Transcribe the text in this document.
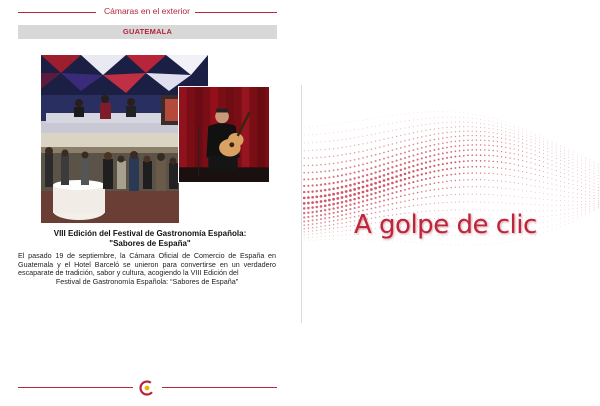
Cámaras en el exterior
GUATEMALA
VIII Edición del Festival de Gastronomía Española:
"Sabores de España"
El pasado 19 de septiembre, la Cámara Oficial de Comercio de España en Guatemala y el Hotel Barceló se unieron para convertirse en un verdadero escaparate de tradición, sabor y cultura, acogiendo la VIII Edición del
Festival de Gastronomía Española: “Sabores de España”
A golpe de clic
